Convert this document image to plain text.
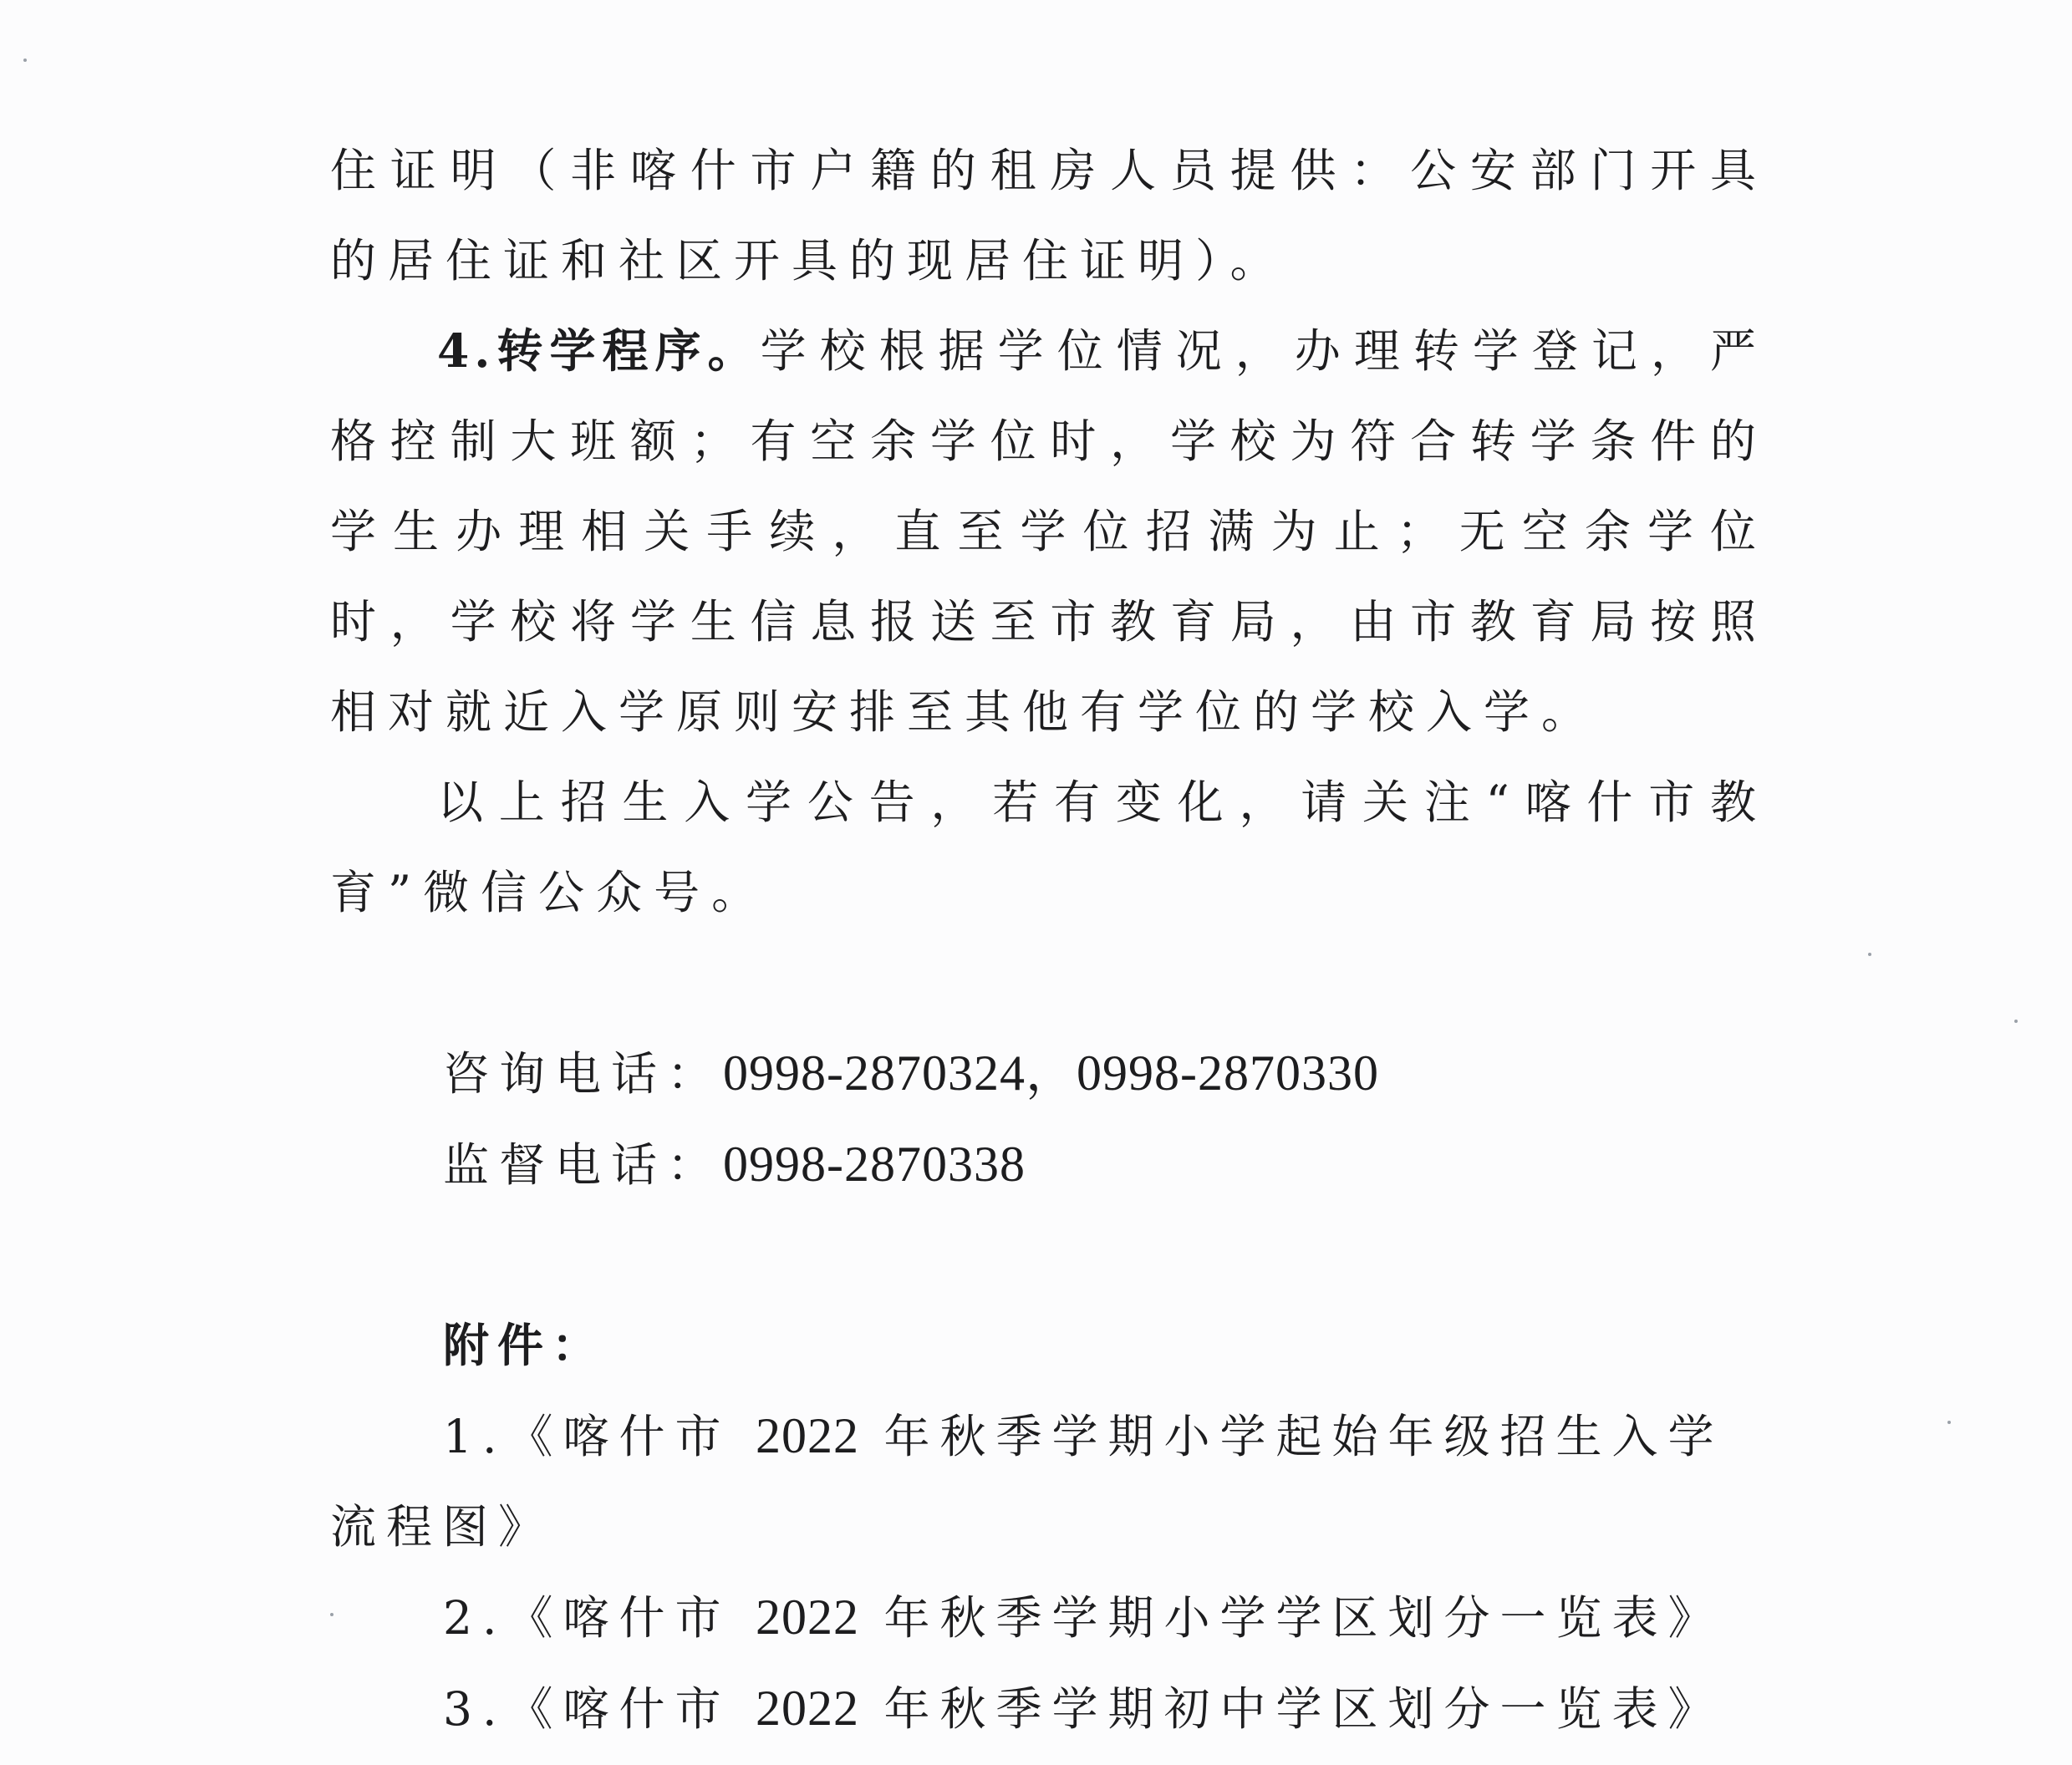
住证明（非喀什市户籍的租房人员提供：公安部门开具的居住证和社区开具的现居住证明）。

4.转学程序。学校根据学位情况，办理转学登记，严格控制大班额；有空余学位时，学校为符合转学条件的学生办理相关手续，直至学位招满为止；无空余学位时，学校将学生信息报送至市教育局，由市教育局按照相对就近入学原则安排至其他有学位的学校入学。

以上招生入学公告，若有变化，请关注“喀什市教育”微信公众号。

咨询电话：0998-2870324，0998-2870330

监督电话：0998-2870338

附件：

1.《喀什市 2022 年秋季学期小学起始年级招生入学流程图》

2.《喀什市 2022 年秋季学期小学学区划分一览表》

3.《喀什市 2022 年秋季学期初中学区划分一览表》
